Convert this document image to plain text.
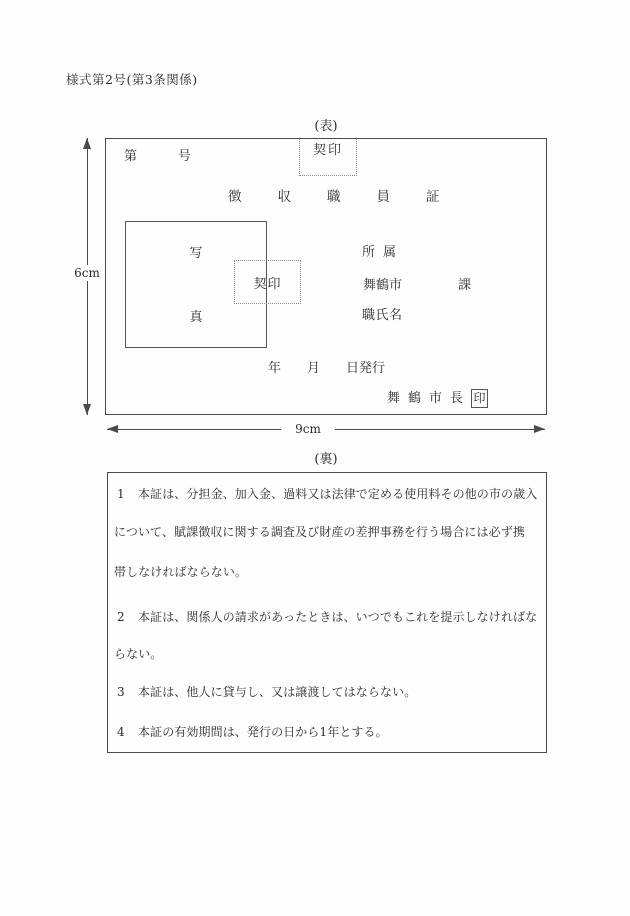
様式第2号(第3条関係)
(表)
6cm
第	号	契印
徴収職員証
写
真
契印
所属
舞鶴市	課
職氏名
年　　月　　日発行
舞鶴市長 印
9cm
(裏)
1 本証は、分担金、加入金、過料又は法律で定める使用料その他の市の歳入
について、賦課徴収に関する調査及び財産の差押事務を行う場合には必ず携
帯しなければならない。
2 本証は、関係人の請求があったときは、いつでもこれを提示しなければな
らない。
3 本証は、他人に貸与し、又は譲渡してはならない。
4 本証の有効期間は、発行の日から1年とする。
